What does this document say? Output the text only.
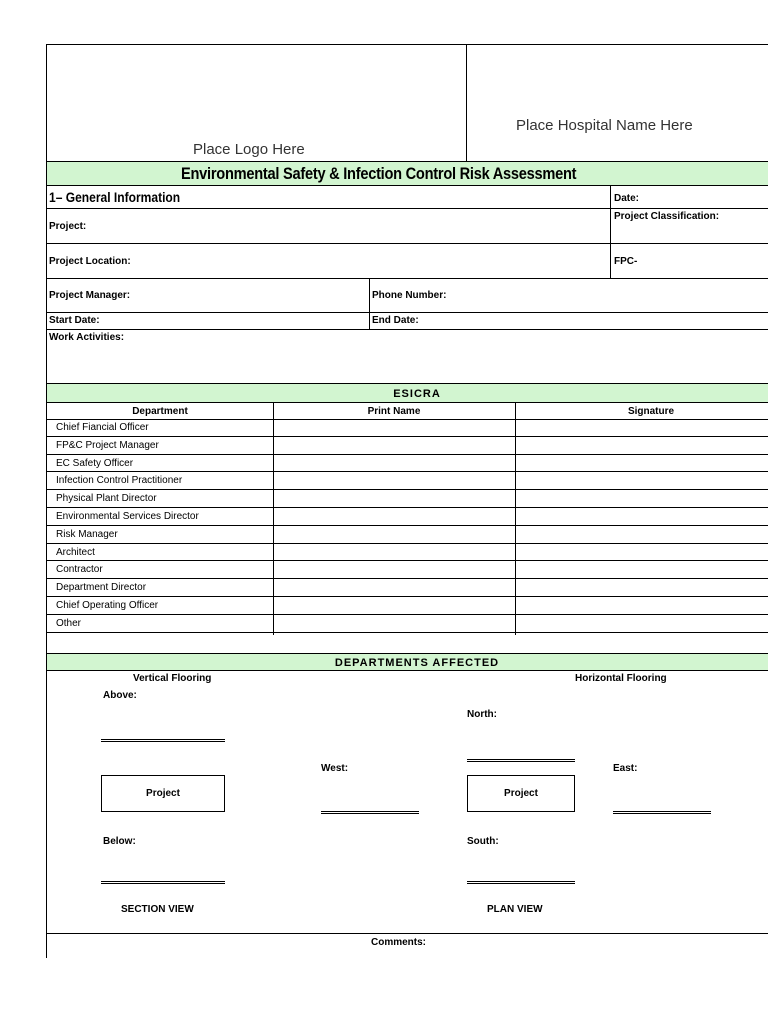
Place Logo Here
Place Hospital Name Here
Environmental Safety & Infection Control Risk Assessment
1– General Information	Date:
Project:
Project Classification:
Project Location:	FPC-
Project Manager:	Phone Number:
Start Date:	End Date:
Work Activities:
ESICRA
Department	Print Name	Signature
Chief Fiancial Officer
FP&C Project Manager
EC Safety Officer
Infection Control Practitioner
Physical Plant Director
Environmental Services Director
Risk Manager
Architect
Contractor
Department Director
Chief Operating Officer
Other
DEPARTMENTS AFFECTED
Vertical Flooring	Horizontal Flooring
Above:
North:
West:	East:
Project	Project
Below:	South:
SECTION VIEW	PLAN VIEW
Comments:
